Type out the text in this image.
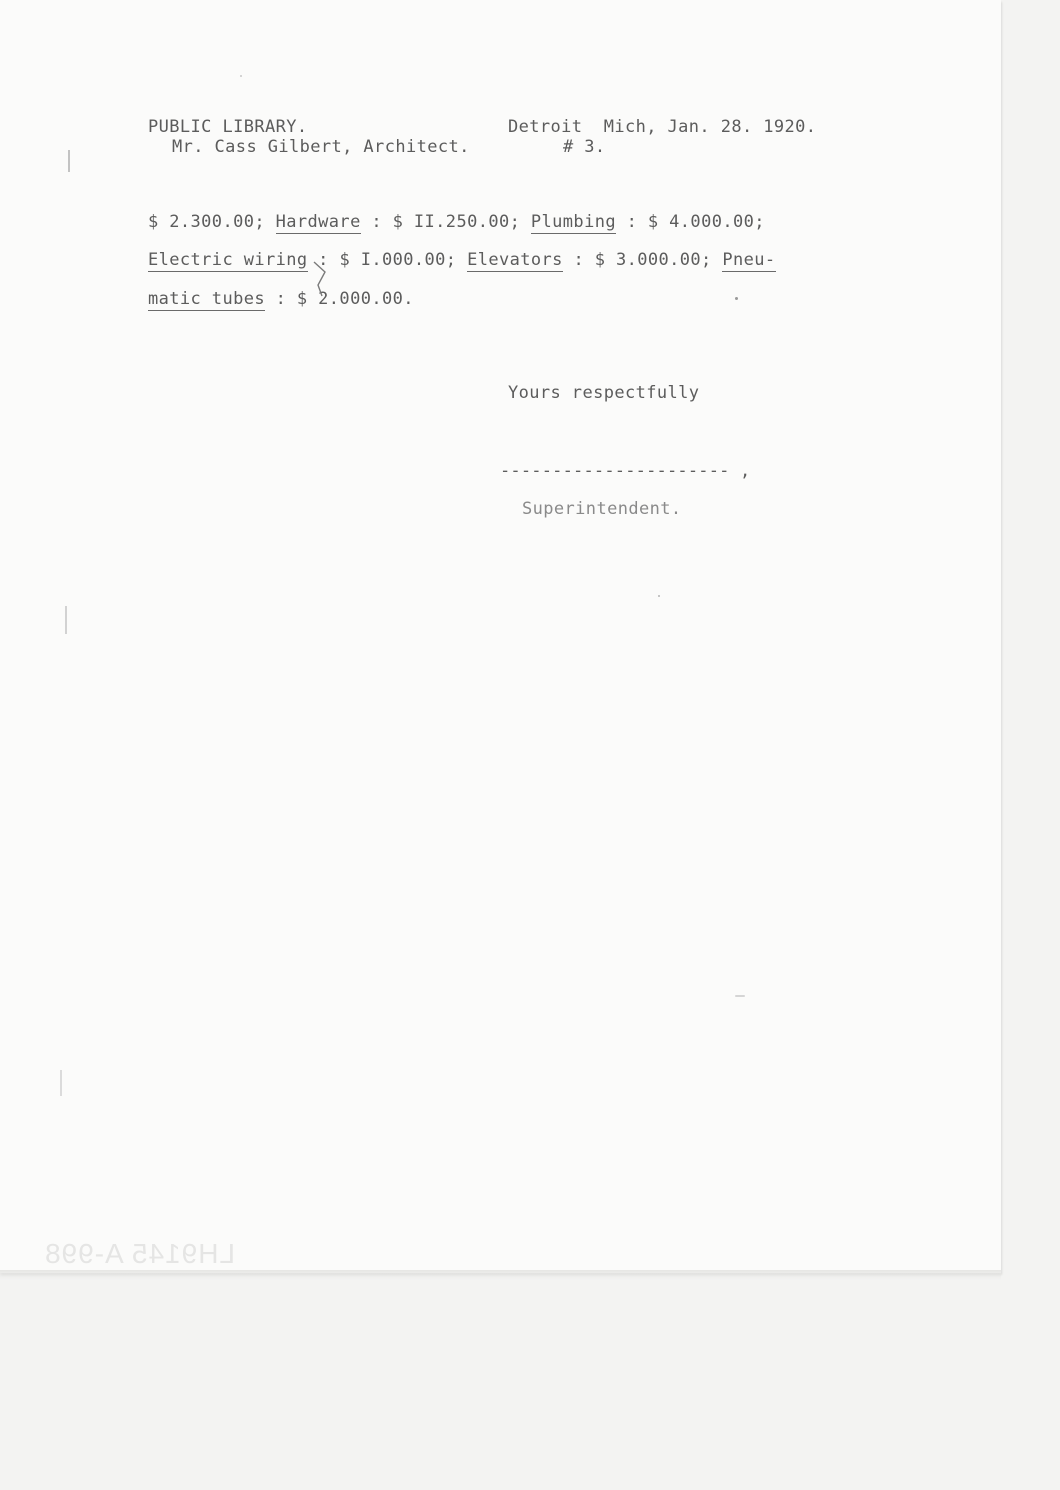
PUBLIC LIBRARY.	Detroit  Mich, Jan. 28. 1920.
Mr. Cass Gilbert, Architect.	# 3.
$ 2.300.00; Hardware : $ II.250.00; Plumbing : $ 4.000.00;
Electric wiring : $ I.000.00; Elevators : $ 3.000.00; Pneu-
matic tubes : $ 2.000.00.
Yours respectfully
---------------------- ,
Superintendent.
LH9145 A-998
